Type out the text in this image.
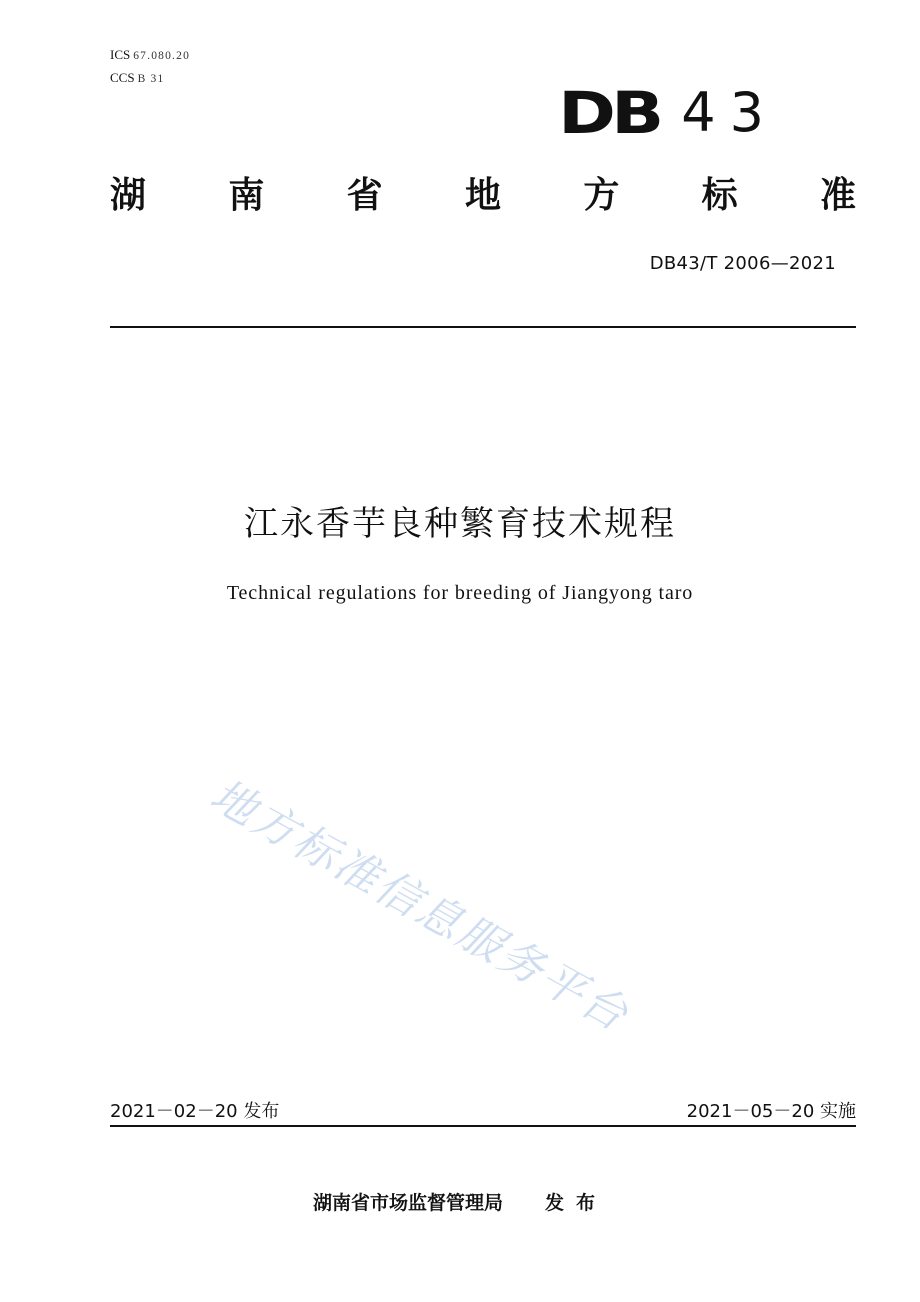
ICS 67.080.20
CCS B 31	DB 43
湖 南 省 地 方 标 准
DB43/T 2006—2021
江永香芋良种繁育技术规程
Technical regulations for breeding of Jiangyong taro
地方标准信息服务平台
2021－02－20 发布	2021－05－20 实施
湖南省市场监督管理局 发布
